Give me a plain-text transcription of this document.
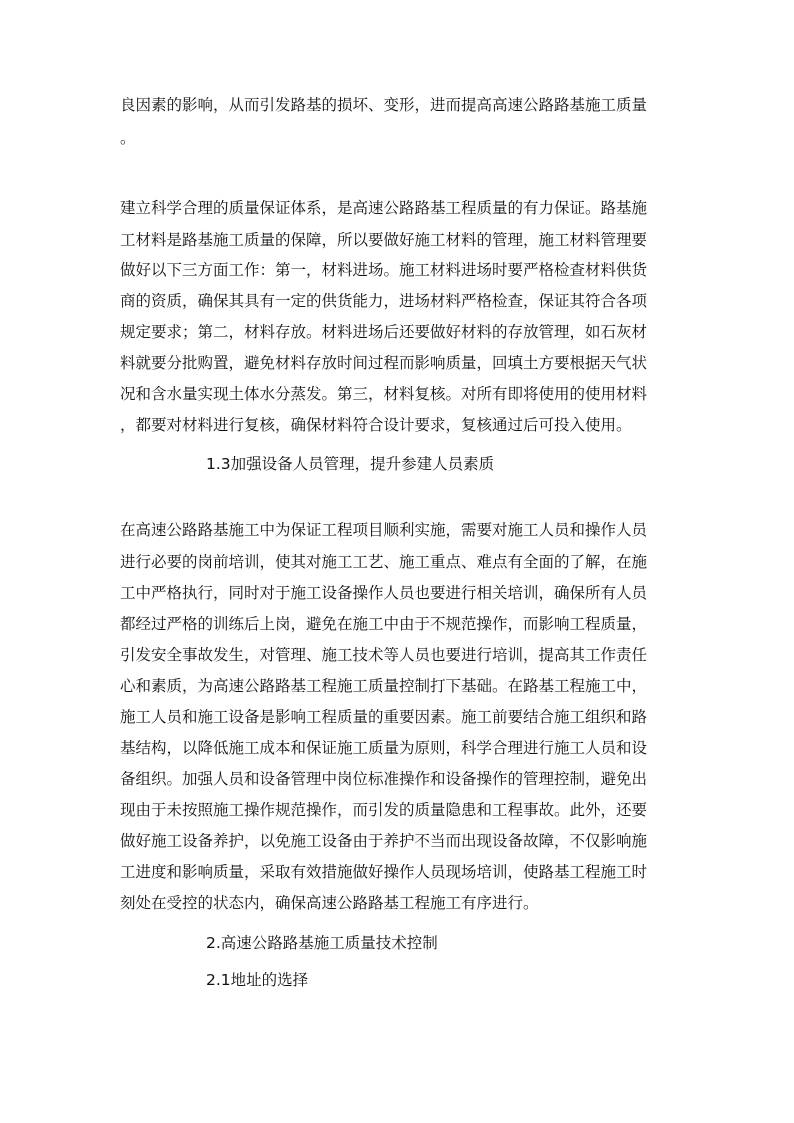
良因素的影响，从而引发路基的损坏、变形，进而提高高速公路路基施工质量

。

建立科学合理的质量保证体系，是高速公路路基工程质量的有力保证。路基施

工材料是路基施工质量的保障，所以要做好施工材料的管理，施工材料管理要

做好以下三方面工作：第一，材料进场。施工材料进场时要严格检查材料供货

商的资质，确保其具有一定的供货能力，进场材料严格检查，保证其符合各项

规定要求；第二，材料存放。材料进场后还要做好材料的存放管理，如石灰材

料就要分批购置，避免材料存放时间过程而影响质量，回填土方要根据天气状

况和含水量实现土体水分蒸发。第三，材料复核。对所有即将使用的使用材料

，都要对材料进行复核，确保材料符合设计要求，复核通过后可投入使用。

1.3加强设备人员管理，提升参建人员素质

在高速公路路基施工中为保证工程项目顺利实施，需要对施工人员和操作人员

进行必要的岗前培训，使其对施工工艺、施工重点、难点有全面的了解，在施

工中严格执行，同时对于施工设备操作人员也要进行相关培训，确保所有人员

都经过严格的训练后上岗，避免在施工中由于不规范操作，而影响工程质量，

引发安全事故发生，对管理、施工技术等人员也要进行培训，提高其工作责任

心和素质，为高速公路路基工程施工质量控制打下基础。在路基工程施工中，

施工人员和施工设备是影响工程质量的重要因素。施工前要结合施工组织和路

基结构，以降低施工成本和保证施工质量为原则，科学合理进行施工人员和设

备组织。加强人员和设备管理中岗位标准操作和设备操作的管理控制，避免出

现由于未按照施工操作规范操作，而引发的质量隐患和工程事故。此外，还要

做好施工设备养护，以免施工设备由于养护不当而出现设备故障，不仅影响施

工进度和影响质量，采取有效措施做好操作人员现场培训，使路基工程施工时

刻处在受控的状态内，确保高速公路路基工程施工有序进行。

2.高速公路路基施工质量技术控制

2.1地址的选择
